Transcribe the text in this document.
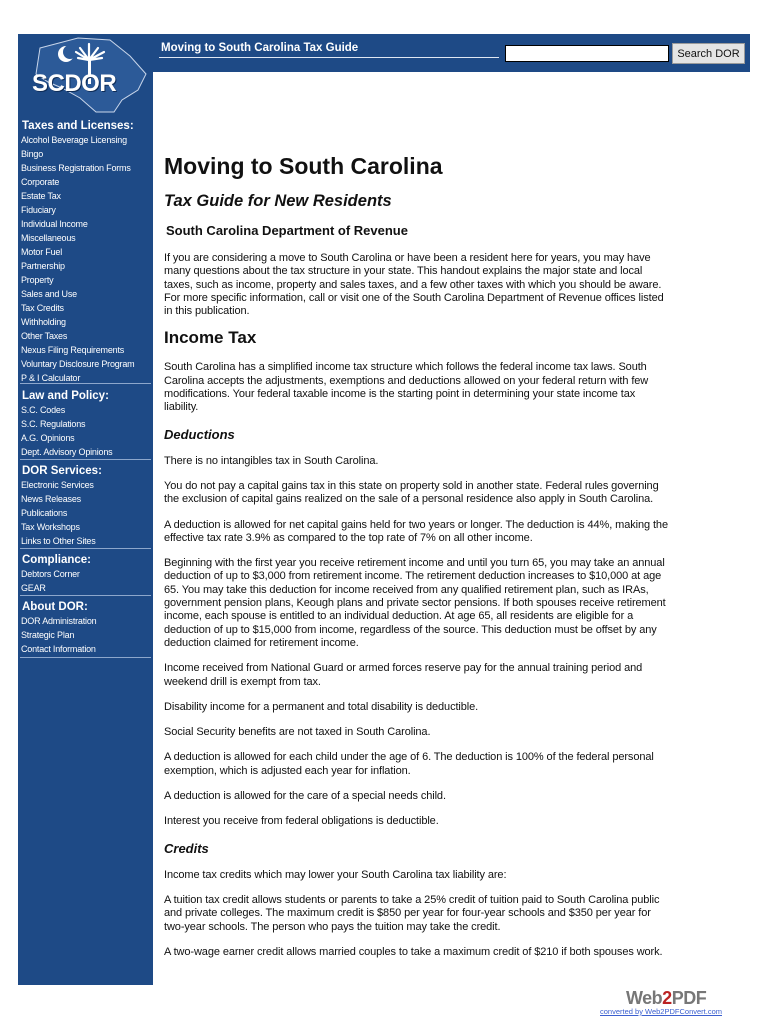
SCDOR
Taxes and Licenses:
Alcohol Beverage Licensing
Bingo
Business Registration Forms
Corporate
Estate Tax
Fiduciary
Individual Income
Miscellaneous
Motor Fuel
Partnership
Property
Sales and Use
Tax Credits
Withholding
Other Taxes
Nexus Filing Requirements
Voluntary Disclosure Program
P & I Calculator
Law and Policy:
S.C. Codes
S.C. Regulations
A.G. Opinions
Dept. Advisory Opinions
DOR Services:
Electronic Services
News Releases
Publications
Tax Workshops
Links to Other Sites
Compliance:
Debtors Corner
GEAR
About DOR:
DOR Administration
Strategic Plan
Contact Information
Moving to South Carolina Tax Guide	Search DOR
Moving to South Carolina
Tax Guide for New Residents
South Carolina Department of Revenue

If you are considering a move to South Carolina or have been a resident here for years, you may have many questions about the tax structure in your state. This handout explains the major state and local taxes, such as income, property and sales taxes, and a few other taxes with which you should be aware. For more specific information, call or visit one of the South Carolina Department of Revenue offices listed in this publication.

Income Tax

South Carolina has a simplified income tax structure which follows the federal income tax laws. South Carolina accepts the adjustments, exemptions and deductions allowed on your federal return with few modifications. Your federal taxable income is the starting point in determining your state income tax liability.

Deductions

There is no intangibles tax in South Carolina.

You do not pay a capital gains tax in this state on property sold in another state. Federal rules governing the exclusion of capital gains realized on the sale of a personal residence also apply in South Carolina.

A deduction is allowed for net capital gains held for two years or longer. The deduction is 44%, making the effective tax rate 3.9% as compared to the top rate of 7% on all other income.

Beginning with the first year you receive retirement income and until you turn 65, you may take an annual deduction of up to $3,000 from retirement income. The retirement deduction increases to $10,000 at age 65. You may take this deduction for income received from any qualified retirement plan, such as IRAs, government pension plans, Keough plans and private sector pensions. If both spouses receive retirement income, each spouse is entitled to an individual deduction. At age 65, all residents are eligible for a deduction of up to $15,000 from income, regardless of the source. This deduction must be offset by any deduction claimed for retirement income.

Income received from National Guard or armed forces reserve pay for the annual training period and weekend drill is exempt from tax.

Disability income for a permanent and total disability is deductible.

Social Security benefits are not taxed in South Carolina.

A deduction is allowed for each child under the age of 6. The deduction is 100% of the federal personal exemption, which is adjusted each year for inflation.

A deduction is allowed for the care of a special needs child.

Interest you receive from federal obligations is deductible.

Credits

Income tax credits which may lower your South Carolina tax liability are:

A tuition tax credit allows students or parents to take a 25% credit of tuition paid to South Carolina public and private colleges. The maximum credit is $850 per year for four-year schools and $350 per year for two-year schools. The person who pays the tuition may take the credit.

A two-wage earner credit allows married couples to take a maximum credit of $210 if both spouses work.

Web2PDF
converted by Web2PDFConvert.com
